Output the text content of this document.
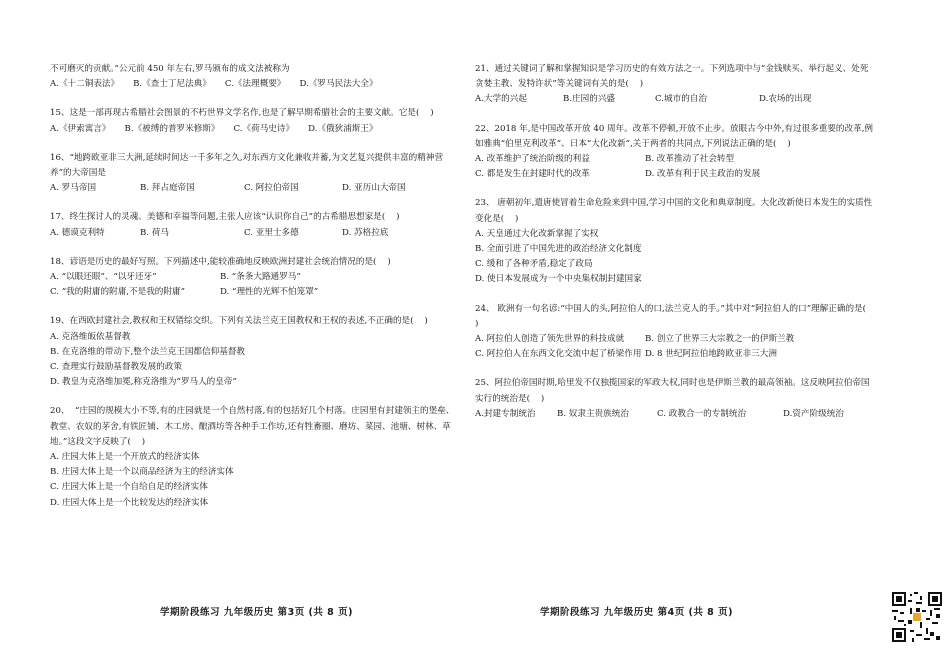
不可磨灭的贡献。”公元前 450 年左右,罗马颁布的成文法被称为
A.《十二铜表法》 B.《查士丁尼法典》 C.《法理概要》 D.《罗马民法大全》
15、这是一部再现古希腊社会图景的不朽世界文学名作,也是了解早期希腊社会的主要文献。它是(    )
A.《伊索寓言》 B.《被缚的普罗米修斯》 C.《荷马史诗》 D.《俄狄浦斯王》
16、“地跨欧亚非三大洲,延续时间达一千多年之久,对东西方文化兼收并蓄,为文艺复兴提供丰富的精神营养”的大帝国是
A. 罗马帝国	B. 拜占庭帝国	C. 阿拉伯帝国	D. 亚历山大帝国
17、终生探讨人的灵魂、美德和幸福等问题,主张人应该“认识你自己”的古希腊思想家是(    )
A. 德谟克利特	B. 荷马	C. 亚里士多德	D. 苏格拉底
18、谚语是历史的最好写照。下列描述中,能较准确地反映欧洲封建社会统治情况的是(    )
A. “以眼还眼”、“以牙还牙”	B. “条条大路通罗马”
C. “我的附庸的附庸,不是我的附庸”	D. “理性的光辉不怕笼罩”
19、在西欧封建社会,教权和王权错综交织。下列有关法兰克王国教权和王权的表述,不正确的是(    )
A. 克洛维皈依基督教
B. 在克洛维的带动下,整个法兰克王国都信仰基督教
C. 查理实行鼓励基督教发展的政策
D. 教皇为克洛维加冕,称克洛维为“罗马人的皇帝”
20、  “庄园的规模大小不等,有的庄园就是一个自然村落,有的包括好几个村落。庄园里有封建领主的堡垒、教堂、农奴的茅舍,有铁匠铺、木工房、酿酒坊等各种手工作坊,还有牲畜圈、磨坊、菜园、池塘、树林、草地。”这段文字反映了(    )
A. 庄园大体上是一个开放式的经济实体
B. 庄园大体上是一个以商品经济为主的经济实体
C. 庄园大体上是一个自给自足的经济实体
D. 庄园大体上是一个比较发达的经济实体
学期阶段练习 九年级历史 第3页 (共 8 页)
21、通过关键词了解和掌握知识是学习历史的有效方法之一。下列选项中与“金钱赎买、举行起义、处死贪婪主教、发特许状”等关键词有关的是(    )
A.大学的兴起	B.庄园的兴盛	C.城市的自治	D.农场的出现
22、2018 年,是中国改革开放 40 周年。改革不停顿,开放不止步。放眼古今中外,有过很多重要的改革,例如雅典“伯里克利改革”、日本“大化改新”,关于两者的共同点,下列说法正确的是(    )
A. 改革维护了统治阶级的利益	B. 改革推动了社会转型
C. 都是发生在封建时代的改革	D. 改革有利于民主政治的发展
23、 唐朝初年,遣唐使冒着生命危险来到中国,学习中国的文化和典章制度。大化改新使日本发生的实质性变化是(    )
A. 天皇通过大化改新掌握了实权
B. 全面引进了中国先进的政治经济文化制度
C. 缓和了各种矛盾,稳定了政局
D. 使日本发展成为一个中央集权制封建国家
24、 欧洲有一句名谚:“中国人的头,阿拉伯人的口,法兰克人的手。”其中对“阿拉伯人的口”理解正确的是(    )
A. 阿拉伯人创造了领先世界的科技成就	B. 创立了世界三大宗教之一的伊斯兰教
C. 阿拉伯人在东西文化交流中起了桥梁作用 D. 8 世纪阿拉伯地跨欧亚非三大洲
25、阿拉伯帝国时期,哈里发不仅独揽国家的军政大权,同时也是伊斯兰教的最高领袖。这反映阿拉伯帝国实行的统治是(    )
A.封建专制统治	B. 奴隶主贵族统治	C. 政教合一的专制统治	D.资产阶级统治
学期阶段练习 九年级历史 第4页 (共 8 页)
